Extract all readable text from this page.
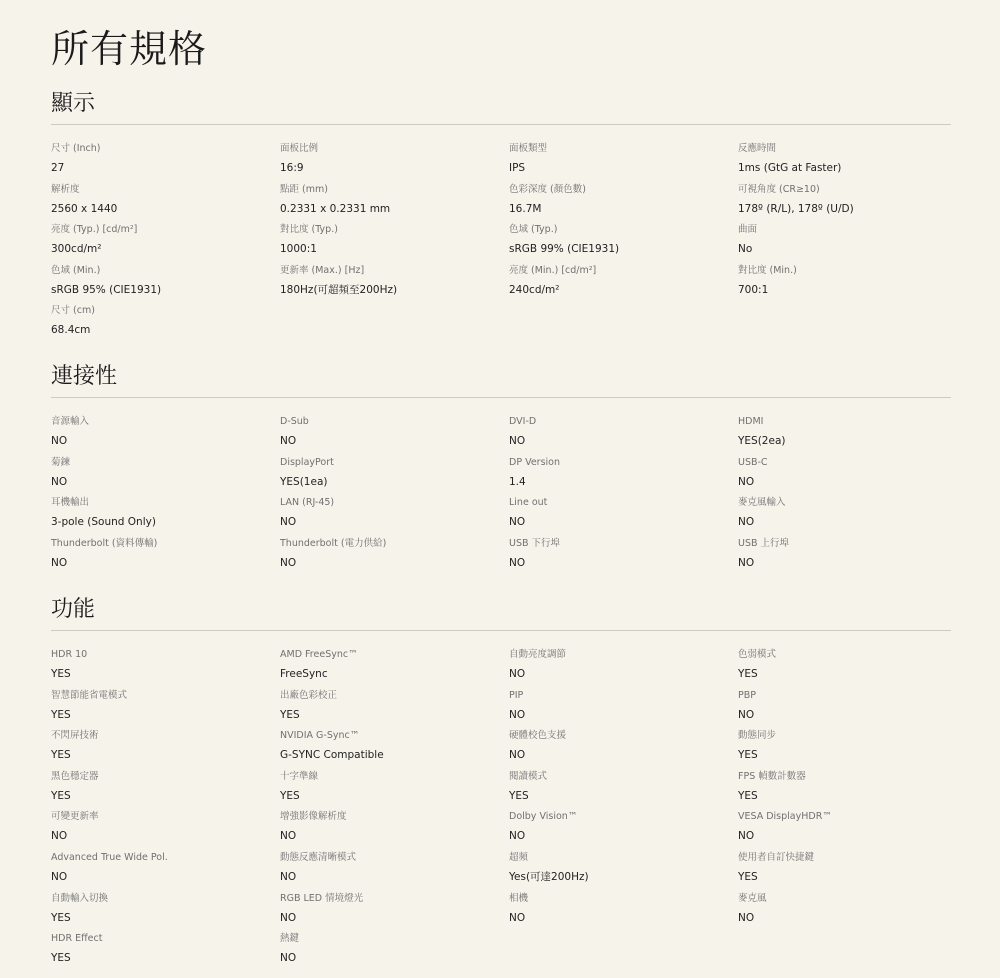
所有規格
顯示
尺寸 (Inch)
27
面板比例
16:9
面板類型
IPS
反應時間
1ms (GtG at Faster)
解析度
2560 x 1440
點距 (mm)
0.2331 x 0.2331 mm
色彩深度 (顏色數)
16.7M
可視角度 (CR≥10)
178º (R/L), 178º (U/D)
亮度 (Typ.) [cd/m²]
300cd/m²
對比度 (Typ.)
1000:1
色域 (Typ.)
sRGB 99% (CIE1931)
曲面
No
色域 (Min.)
sRGB 95% (CIE1931)
更新率 (Max.) [Hz]
180Hz(可超頻至200Hz)
亮度 (Min.) [cd/m²]
240cd/m²
對比度 (Min.)
700:1
尺寸 (cm)
68.4cm
連接性
音源輸入
NO
D-Sub
NO
DVI-D
NO
HDMI
YES(2ea)
菊鍊
NO
DisplayPort
YES(1ea)
DP Version
1.4
USB-C
NO
耳機輸出
3-pole (Sound Only)
LAN (RJ-45)
NO
Line out
NO
麥克風輸入
NO
Thunderbolt (資料傳輸)
NO
Thunderbolt (電力供給)
NO
USB 下行埠
NO
USB 上行埠
NO
功能
HDR 10
YES
AMD FreeSync™
FreeSync
自動亮度調節
NO
色弱模式
YES
智慧節能省電模式
YES
出廠色彩校正
YES
PIP
NO
PBP
NO
不閃屏技術
YES
NVIDIA G-Sync™
G-SYNC Compatible
硬體校色支援
NO
動態同步
YES
黑色穩定器
YES
十字準線
YES
閱讀模式
YES
FPS 幀數計數器
YES
可變更新率
NO
增強影像解析度
NO
Dolby Vision™
NO
VESA DisplayHDR™
NO
Advanced True Wide Pol.
NO
動態反應清晰模式
NO
超頻
Yes(可達200Hz)
使用者自訂快捷鍵
YES
自動輸入切換
YES
RGB LED 情境燈光
NO
相機
NO
麥克風
NO
HDR Effect
YES
熱鍵
NO
